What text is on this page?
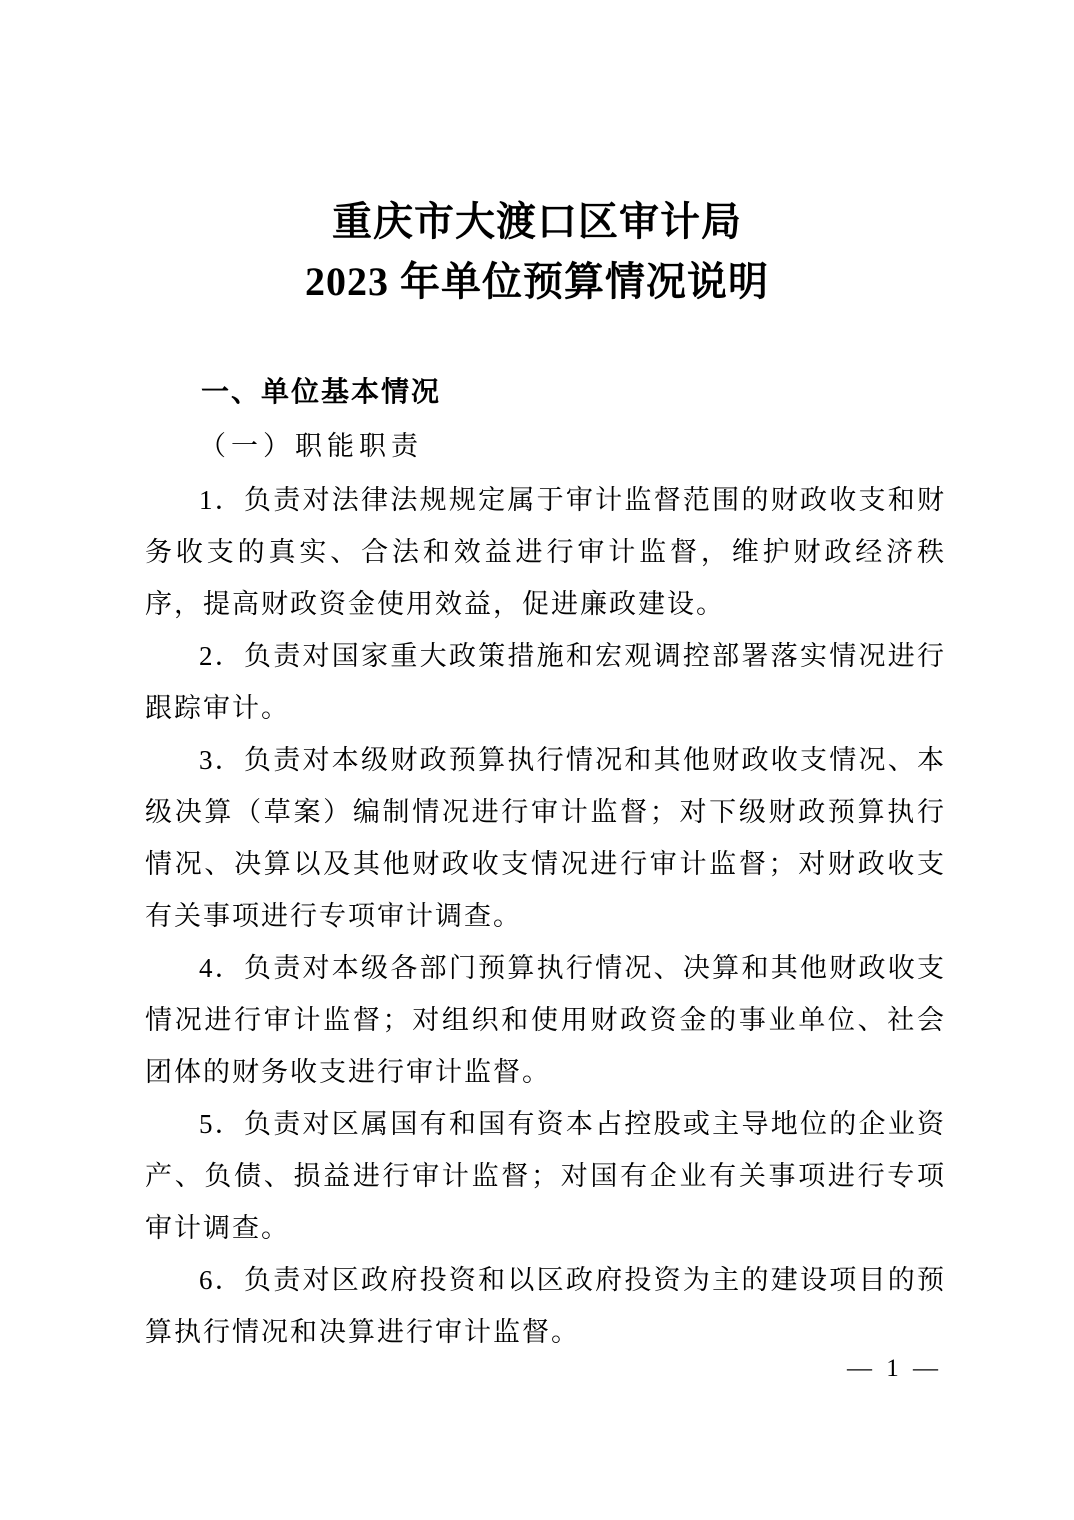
重庆市大渡口区审计局
2023 年单位预算情况说明
一、单位基本情况
（一）职能职责

1．负责对法律法规规定属于审计监督范围的财政收支和财务收支的真实、合法和效益进行审计监督，维护财政经济秩序，提高财政资金使用效益，促进廉政建设。

2．负责对国家重大政策措施和宏观调控部署落实情况进行跟踪审计。

3．负责对本级财政预算执行情况和其他财政收支情况、本级决算（草案）编制情况进行审计监督；对下级财政预算执行情况、决算以及其他财政收支情况进行审计监督；对财政收支有关事项进行专项审计调查。

4．负责对本级各部门预算执行情况、决算和其他财政收支情况进行审计监督；对组织和使用财政资金的事业单位、社会团体的财务收支进行审计监督。

5．负责对区属国有和国有资本占控股或主导地位的企业资产、负债、损益进行审计监督；对国有企业有关事项进行专项审计调查。

6．负责对区政府投资和以区政府投资为主的建设项目的预算执行情况和决算进行审计监督。

— 1 —
